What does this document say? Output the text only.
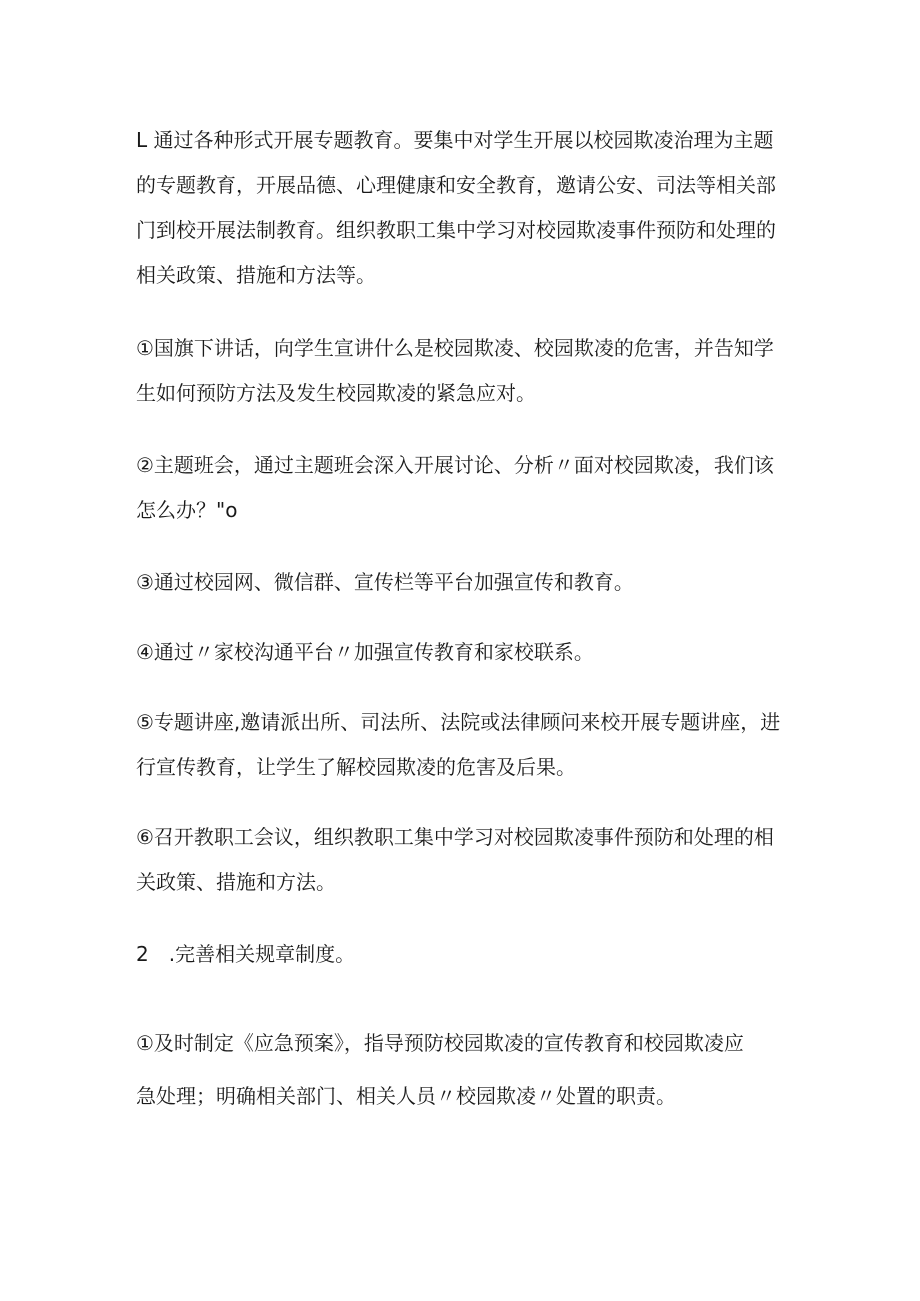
L 通过各种形式开展专题教育。要集中对学生开展以校园欺凌治理为主题
的专题教育，开展品德、心理健康和安全教育，邀请公安、司法等相关部
门到校开展法制教育。组织教职工集中学习对校园欺凌事件预防和处理的
相关政策、措施和方法等。

①国旗下讲话，向学生宣讲什么是校园欺凌、校园欺凌的危害，并告知学
生如何预防方法及发生校园欺凌的紧急应对。

②主题班会，通过主题班会深入开展讨论、分析〃面对校园欺凌，我们该
怎么办？"o

③通过校园网、微信群、宣传栏等平台加强宣传和教育。

④通过〃家校沟通平台〃加强宣传教育和家校联系。

⑤专题讲座,邀请派出所、司法所、法院或法律顾问来校开展专题讲座，进
行宣传教育，让学生了解校园欺凌的危害及后果。

⑥召开教职工会议，组织教职工集中学习对校园欺凌事件预防和处理的相
关政策、措施和方法。

2　.完善相关规章制度。

①及时制定《应急预案》，指导预防校园欺凌的宣传教育和校园欺凌应
急处理；明确相关部门、相关人员〃校园欺凌〃处置的职责。
